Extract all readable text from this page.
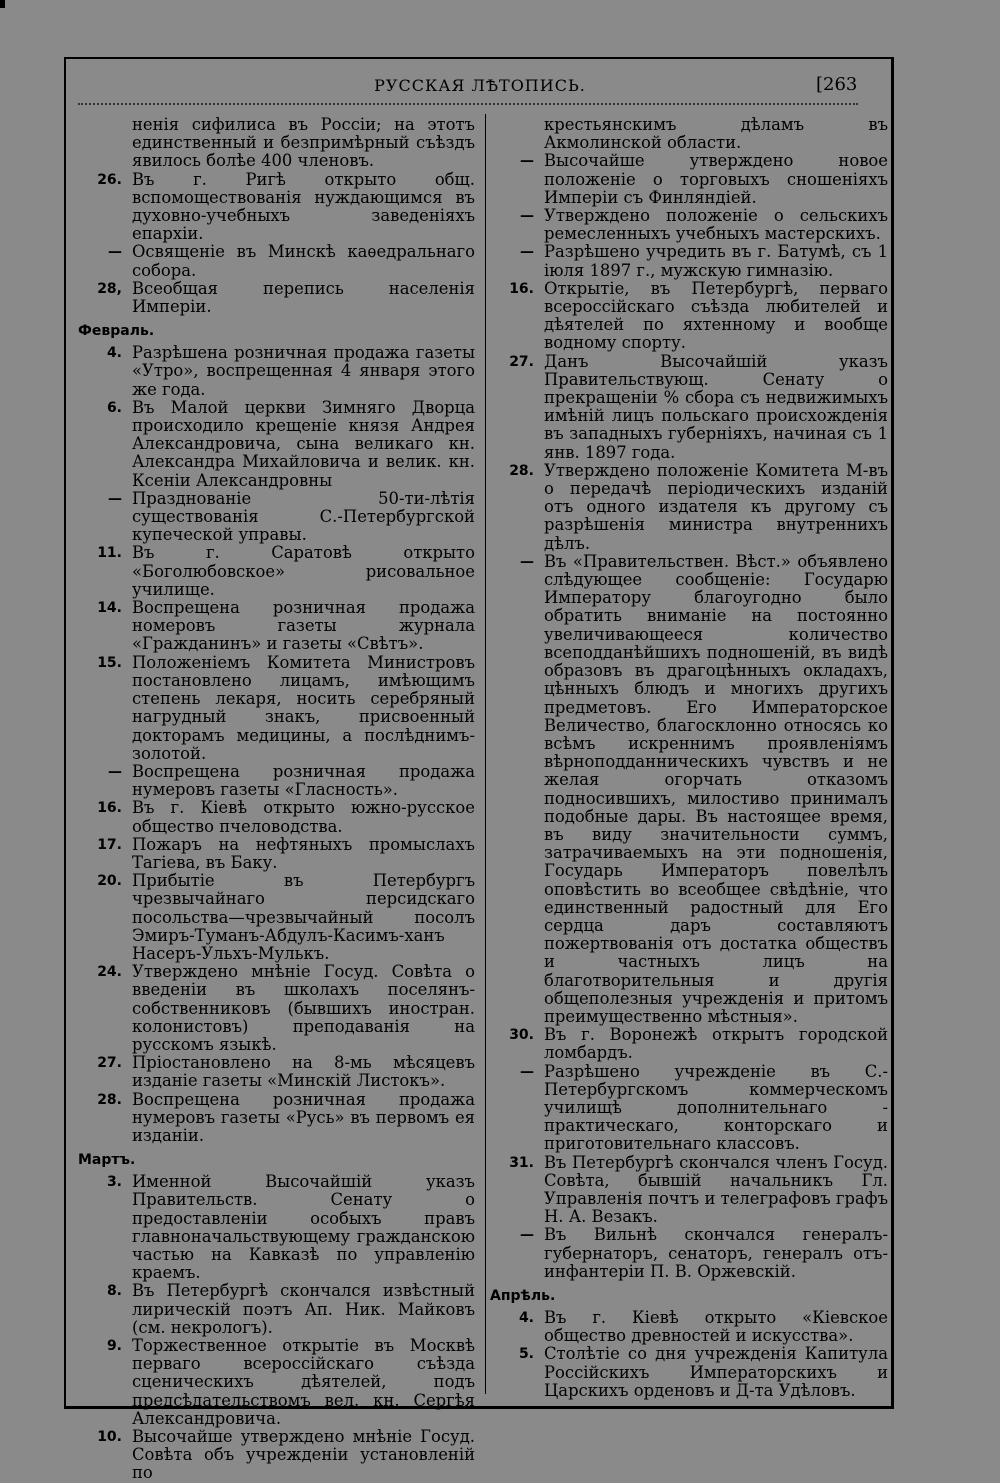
РУССКАЯ ЛѢТОПИСЬ.	[263
ненія сифилиса въ Россіи; на этотъ единственный и безпримѣрный съѣздъ явилось болѣе 400 членовъ.
26. Въ г. Ригѣ открыто общ. вспомоществованія нуждающимся въ духовно-учебныхъ заведеніяхъ епархіи.
— Освященіе въ Минскѣ каѳедральнаго собора.
28, Всеобщая перепись населенія Имперіи.
Февраль.
4. Разрѣшена розничная продажа газеты «Утро», воспрещенная 4 января этого же года.
6. Въ Малой церкви Зимняго Дворца происходило крещеніе князя Андрея Александровича, сына великаго кн. Александра Михайловича и велик. кн. Ксеніи Александровны
— Празднованіе 50-ти-лѣтія существованія С.-Петербургской купеческой управы.
11. Въ г. Саратовѣ открыто «Боголюбовское» рисовальное училище.
14. Воспрещена розничная продажа номеровъ газеты журнала «Гражданинъ» и газеты «Свѣтъ».
15. Положеніемъ Комитета Министровъ постановлено лицамъ, имѣющимъ степень лекаря, носить серебряный нагрудный знакъ, присвоенный докторамъ медицины, а послѣднимъ-золотой.
— Воспрещена розничная продажа нумеровъ газеты «Гласность».
16. Въ г. Кіевѣ открыто южно-русское общество пчеловодства.
17. Пожаръ на нефтяныхъ промыслахъ Тагіева, въ Баку.
20. Прибытіе въ Петербургъ чрезвычайнаго персидскаго посольства—чрезвычайный посолъ Эмиръ-Туманъ-Абдулъ-Касимъ-ханъ Насеръ-Ульхъ-Мулькъ.
24. Утверждено мнѣніе Госуд. Совѣта о введеніи въ школахъ поселянъ-собственниковъ (бывшихъ иностран. колонистовъ) преподаванія на русскомъ языкѣ.
27. Пріостановлено на 8-мь мѣсяцевъ изданіе газеты «Минскій Листокъ».
28. Воспрещена розничная продажа нумеровъ газеты «Русь» въ первомъ ея изданіи.
Мартъ.
3. Именной Высочайшій указъ Правительств. Сенату о предоставленіи особыхъ правъ главноначальствующему гражданскою частью на Кавказѣ по управленію краемъ.
8. Въ Петербургѣ скончался извѣстный лирическій поэтъ Ап. Ник. Майковъ (см. некрологъ).
9. Торжественное открытіе въ Москвѣ перваго всероссійскаго съѣзда сценическихъ дѣятелей, подъ предсѣдательствомъ вел. кн. Сергѣя Александровича.
10. Высочайше утверждено мнѣніе Госуд. Совѣта объ учрежденіи установленій по
крестьянскимъ дѣламъ въ Акмолинской области.
— Высочайше утверждено новое положеніе о торговыхъ сношеніяхъ Имперіи съ Финляндіей.
— Утверждено положеніе о сельскихъ ремесленныхъ учебныхъ мастерскихъ.
— Разрѣшено учредить въ г. Батумѣ, съ 1 іюля 1897 г., мужскую гимназію.
16. Открытіе, въ Петербургѣ, перваго всероссійскаго съѣзда любителей и дѣятелей по яхтенному и вообще водному спорту.
27. Данъ Высочайшій указъ Правительствующ. Сенату о прекращеніи % сбора съ недвижимыхъ имѣній лицъ польскаго происхожденія въ западныхъ губерніяхъ, начиная съ 1 янв. 1897 года.
28. Утверждено положеніе Комитета М-въ о передачѣ періодическихъ изданій отъ одного издателя къ другому съ разрѣшенія министра внутреннихъ дѣлъ.
— Въ «Правительствен. Вѣст.» объявлено слѣдующее сообщеніе: Государю Императору благоугодно было обратить вниманіе на постоянно увеличивающееся количество всеподданѣйшихъ подношеній, въ видѣ образовъ въ драгоцѣнныхъ окладахъ, цѣнныхъ блюдъ и многихъ другихъ предметовъ. Его Императорское Величество, благосклонно относясь ко всѣмъ искреннимъ проявленіямъ вѣрноподданническихъ чувствъ и не желая огорчать отказомъ подносившихъ, милостиво принималъ подобные дары. Въ настоящее время, въ виду значительности суммъ, затрачиваемыхъ на эти подношенія, Государь Императоръ повелѣлъ оповѣстить во всеобщее свѣдѣніе, что единственный радостный для Его сердца даръ составляютъ пожертвованія отъ достатка обществъ и частныхъ лицъ на благотворительныя и другія общеполезныя учрежденія и притомъ преимущественно мѣстныя».
30. Въ г. Воронежѣ открытъ городской ломбардъ.
— Разрѣшено учрежденіе въ С.-Петербургскомъ коммерческомъ училищѣ дополнительнаго - практическаго, конторскаго и приготовительнаго классовъ.
31. Въ Петербургѣ скончался членъ Госуд. Совѣта, бывшій начальникъ Гл. Управленія почтъ и телеграфовъ графъ Н. А. Везакъ.
— Въ Вильнѣ скончался генералъ-губернаторъ, сенаторъ, генералъ отъ-инфантеріи П. В. Оржевскій.
Апрѣль.
4. Въ г. Кіевѣ открыто «Кіевское общество древностей и искусства».
5. Столѣтіе со дня учрежденія Капитула Россійскихъ Императорскихъ и Царскихъ орденовъ и Д-та Удѣловъ.
